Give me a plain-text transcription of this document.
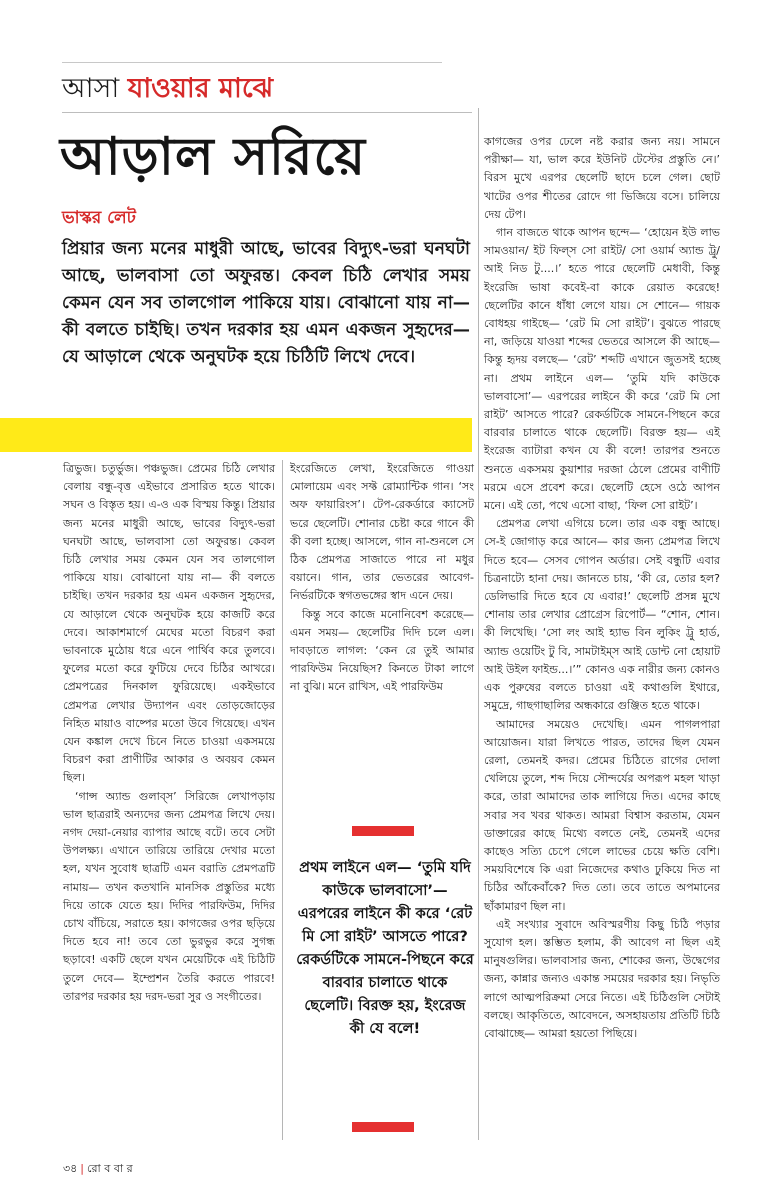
আসা যাওয়ার মাঝে
আড়াল সরিয়ে
ভাস্কর লেট
প্রিয়ার জন্য মনের মাধুরী আছে, ভাবের বিদ্যুৎ-ভরা ঘনঘটা আছে, ভালবাসা তো অফুরন্ত। কেবল চিঠি লেখার সময় কেমন যেন সব তালগোল পাকিয়ে যায়। বোঝানো যায় না— কী বলতে চাইছি। তখন দরকার হয় এমন একজন সুহৃদের— যে আড়ালে থেকে অনুঘটক হয়ে চিঠিটি লিখে দেবে।

ত্রিভুজ। চতুর্ভুজ। পঞ্চভুজ। প্রেমের চিঠি লেখার বেলায় বন্ধু-বৃত্ত এইভাবে প্রসারিত হতে থাকে। সঘন ও বিস্তৃত হয়। এ-ও এক বিস্ময় কিন্তু। প্রিয়ার জন্য মনের মাধুরী আছে, ভাবের বিদ্যুৎ-ভরা ঘনঘটা আছে, ভালবাসা তো অফুরন্ত। কেবল চিঠি লেখার সময় কেমন যেন সব তালগোল পাকিয়ে যায়। বোঝানো যায় না— কী বলতে চাইছি। তখন দরকার হয় এমন একজন সুহৃদের, যে আড়ালে থেকে অনুঘটক হয়ে কাজটি করে দেবে। আকাশমার্গে মেঘের মতো বিচরণ করা ভাবনাকে মুঠোয় ধরে এনে পার্থিব করে তুলবে। ফুলের মতো করে ফুটিয়ে দেবে চিঠির আখরে। প্রেমপত্রের দিনকাল ফুরিয়েছে। একইভাবে প্রেমপত্র লেখার উদ্যাপন এবং তোড়জোড়ের নিহিত মায়াও বাষ্পের মতো উবে গিয়েছে। এখন যেন কঙ্কাল দেখে চিনে নিতে চাওয়া একসময়ে বিচরণ করা প্রাণীটির আকার ও অবয়ব কেমন ছিল।

‘গান্স অ্যান্ড গুলাব্স’ সিরিজে লেখাপড়ায় ভাল ছাত্ররাই অন্যদের জন্য প্রেমপত্র লিখে দেয়। নগদ দেয়া-নেয়ার ব্যাপার আছে বটে। তবে সেটা উপলক্ষ্য। এখানে তারিয়ে তারিয়ে দেখার মতো হল, যখন সুবোধ ছাত্রটি এমন বরাতি প্রেমপত্রটি নামায়— তখন কতখানি মানসিক প্রস্তুতির মধ্যে দিয়ে তাকে যেতে হয়। দিদির পারফিউম, দিদির চোখ বাঁচিয়ে, সরাতে হয়। কাগজের ওপর ছড়িয়ে দিতে হবে না! তবে তো ভুরভুর করে সুগন্ধ ছড়াবে! একটি ছেলে যখন মেয়েটিকে এই চিঠিটি তুলে দেবে— ইম্প্রেশন তৈরি করতে পারবে! তারপর দরকার হয় দরদ-ভরা সুর ও সংগীতের।

ইংরেজিতে লেখা, ইংরেজিতে গাওয়া মোলায়েম এবং সফ্ট রোম্যান্টিক গান। ‘সং অফ ফায়ারিংস’। টেপ-রেকর্ডারে ক্যাসেট ভরে ছেলেটি। শোনার চেষ্টা করে গানে কী কী বলা হচ্ছে। আসলে, গান না-শুনলে সে ঠিক প্রেমপত্র সাজাতে পারে না মধুর বয়ানে। গান, তার ভেতরের আবেগ-নির্ভরটিকে স্বগতভঙ্গের স্বাদ এনে দেয়।

কিন্তু সবে কাজে মনোনিবেশ করেছে— এমন সময়— ছেলেটির দিদি চলে এল। দাবড়াতে লাগল: ‘কেন রে তুই আমার পারফিউম নিয়েছিস? কিনতে টাকা লাগে না বুঝি। মনে রাখিস, এই পারফিউম

প্রথম লাইনে এল— ‘তুমি যদি কাউকে ভালবাসো’— এরপরের লাইনে কী করে ‘রেট মি সো রাইট’ আসতে পারে? রেকর্ডটিকে সামনে-পিছনে করে বারবার চালাতে থাকে ছেলেটি। বিরক্ত হয়, ইংরেজ কী যে বলে!

কাগজের ওপর ঢেলে নষ্ট করার জন্য নয়। সামনে পরীক্ষা— যা, ভাল করে ইউনিট টেস্টের প্রস্তুতি নে।’ বিরস মুখে এরপর ছেলেটি ছাদে চলে গেল। ছোট খাটের ওপর শীতের রোদে গা ভিজিয়ে বসে। চালিয়ে দেয় টেপ।

গান বাজতে থাকে আপন ছন্দে— ‘হোয়েন ইউ লাভ সামওয়ান/ ইট ফিল্স সো রাইট/ সো ওয়ার্ম অ্যান্ড ট্রু/ আই নিড টু....।’ হতে পারে ছেলেটি মেধাবী, কিন্তু ইংরেজি ভাষা কবেই-বা কাকে রেয়াত করেছে! ছেলেটির কানে ধাঁধা লেগে যায়। সে শোনে— গায়ক বোধহয় গাইছে— ‘রেট মি সো রাইট’। বুঝতে পারছে না, জড়িয়ে যাওয়া শব্দের ভেতরে আসলে কী আছে— কিন্তু হৃদয় বলছে— ‘রেট’ শব্দটি এখানে জুতসই হচ্ছে না। প্রথম লাইনে এল— ‘তুমি যদি কাউকে ভালবাসো’— এরপরের লাইনে কী করে ‘রেট মি সো রাইট’ আসতে পারে? রেকর্ডটিকে সামনে-পিছনে করে বারবার চালাতে থাকে ছেলেটি। বিরক্ত হয়— এই ইংরেজ ব্যাটারা কখন যে কী বলে! তারপর শুনতে শুনতে একসময় কুয়াশার দরজা ঠেলে প্রেমের বাণীটি মরমে এসে প্রবেশ করে। ছেলেটি হেসে ওঠে আপন মনে। এই তো, পথে এসো বাছা, ‘ফিল সো রাইট’।

প্রেমপত্র লেখা এগিয়ে চলে। তার এক বন্ধু আছে। সে-ই জোগাড় করে আনে— কার জন্য প্রেমপত্র লিখে দিতে হবে— সেসব গোপন অর্ডার। সেই বন্ধুটি এবার চিত্রনাট্যে হানা দেয়। জানতে চায়, ‘কী রে, তোর হল? ডেলিভারি দিতে হবে যে এবার!’ ছেলেটি প্রসন্ন মুখে শোনায় তার লেখার প্রোগ্রেস রিপোর্ট— “শোন, শোন। কী লিখেছি। ‘সো লং আই হ্যাভ বিন লুকিং ট্রু হার্ড, অ্যান্ড ওয়েটিং টু বি, সামটাইম্স আই ডোন্ট নো হোয়াট আই উইল ফাইন্ড...।’” কোনও এক নারীর জন্য কোনও এক পুরুষের বলতে চাওয়া এই কথাগুলি ইথারে, সমুদ্রে, গাছগাছালির অন্ধকারে গুঞ্জিত হতে থাকে।

আমাদের সময়েও দেখেছি। এমন পাগলপারা আয়োজন। যারা লিখতে পারত, তাদের ছিল যেমন রেলা, তেমনই কদর। প্রেমের চিঠিতে রাগের দোলা খেলিয়ে তুলে, শব্দ দিয়ে সৌন্দর্যের অপরূপ মহল খাড়া করে, তারা আমাদের তাক লাগিয়ে দিত। এদের কাছে সবার সব খবর থাকত। আমরা বিশ্বাস করতাম, যেমন ডাক্তারের কাছে মিথ্যে বলতে নেই, তেমনই এদের কাছেও সত্যি চেপে গেলে লাভের চেয়ে ক্ষতি বেশি। সময়বিশেষে কি এরা নিজেদের কথাও ঢুকিয়ে দিত না চিঠির আঁকেবাঁকে? দিত তো। তবে তাতে অপমানের ছাঁকামারণ ছিল না।

এই সংখ্যার সুবাদে অবিস্মরণীয় কিছু চিঠি পড়ার সুযোগ হল। স্তম্ভিত হলাম, কী আবেগ না ছিল এই মানুষগুলির। ভালবাসার জন্য, শোকের জন্য, উদ্বেগের জন্য, কান্নার জন্যও একান্ত সময়ের দরকার হয়। নিভৃতি লাগে আত্মপরিক্রমা সেরে নিতে। এই চিঠিগুলি সেটাই বলছে। আকৃতিতে, আবেদনে, অসহায়তায় প্রতিটি চিঠি বোঝাচ্ছে— আমরা হয়তো পিছিয়ে।

৩৪ | রো ব বা র
